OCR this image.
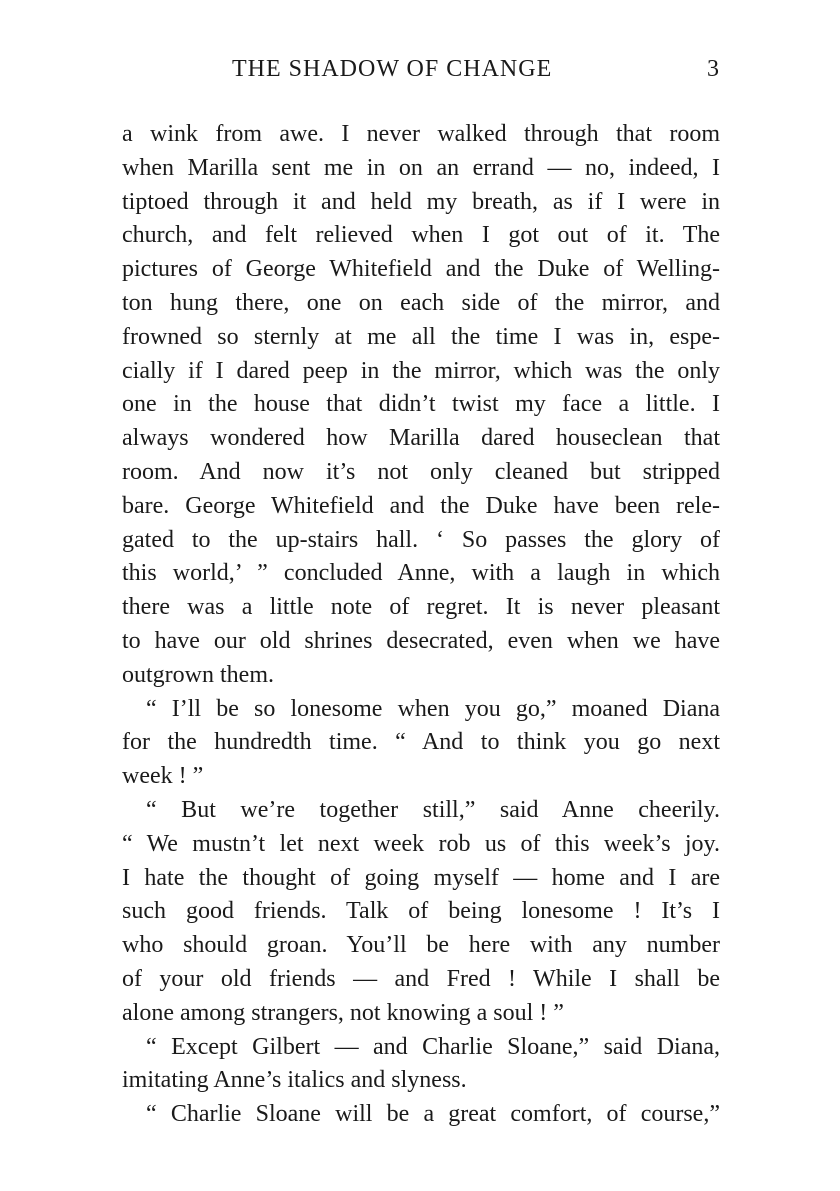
THE SHADOW OF CHANGE	3
a wink from awe. I never walked through that room
when Marilla sent me in on an errand — no, indeed, I
tiptoed through it and held my breath, as if I were in
church, and felt relieved when I got out of it. The
pictures of George Whitefield and the Duke of Welling-
ton hung there, one on each side of the mirror, and
frowned so sternly at me all the time I was in, espe-
cially if I dared peep in the mirror, which was the only
one in the house that didn’t twist my face a little. I
always wondered how Marilla dared houseclean that
room. And now it’s not only cleaned but stripped
bare. George Whitefield and the Duke have been rele-
gated to the up-stairs hall. ‘ So passes the glory of
this world,’ ” concluded Anne, with a laugh in which
there was a little note of regret. It is never pleasant
to have our old shrines desecrated, even when we have
outgrown them.
“ I’ll be so lonesome when you go,” moaned Diana
for the hundredth time. “ And to think you go next
week ! ”
“ But we’re together still,” said Anne cheerily.
“ We mustn’t let next week rob us of this week’s joy.
I hate the thought of going myself — home and I are
such good friends. Talk of being lonesome ! It’s I
who should groan. You’ll be here with any number
of your old friends — and Fred ! While I shall be
alone among strangers, not knowing a soul ! ”
“ Except Gilbert — and Charlie Sloane,” said Diana,
imitating Anne’s italics and slyness.
“ Charlie Sloane will be a great comfort, of course,”
